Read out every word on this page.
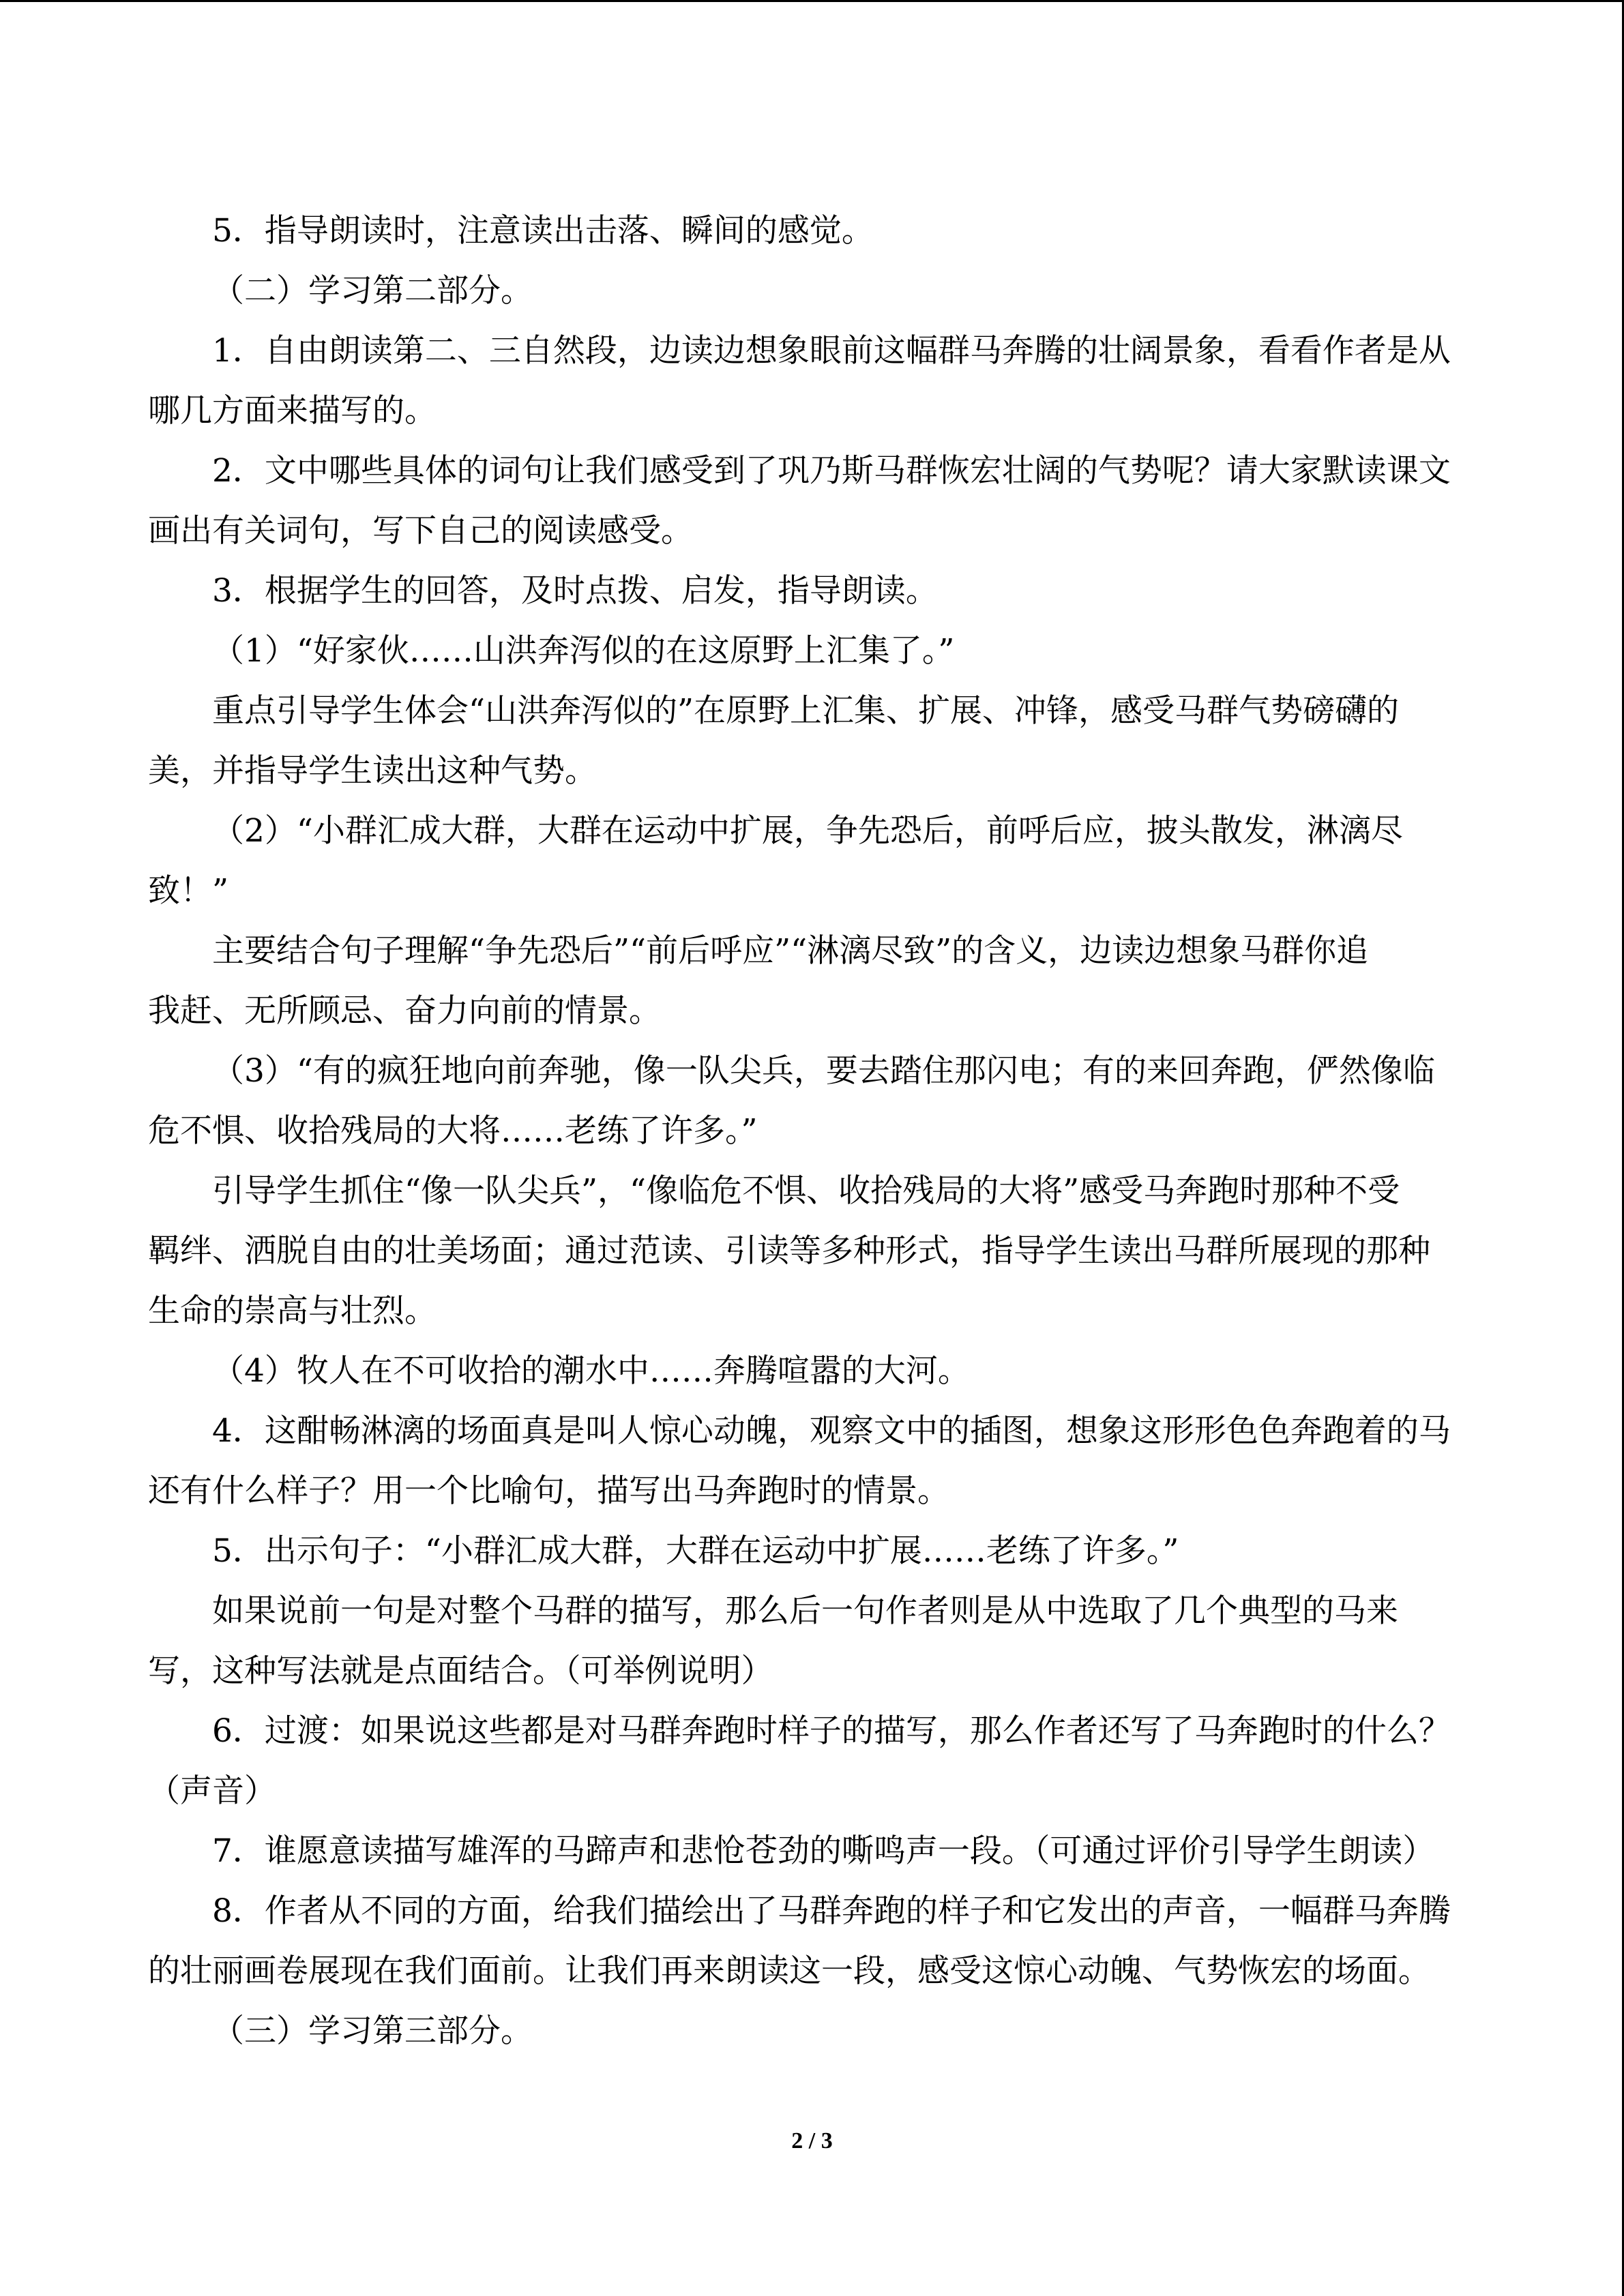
5．指导朗读时，注意读出击落、瞬间的感觉。
（二）学习第二部分。
1．自由朗读第二、三自然段，边读边想象眼前这幅群马奔腾的壮阔景象，看看作者是从
哪几方面来描写的。
2．文中哪些具体的词句让我们感受到了巩乃斯马群恢宏壮阔的气势呢？请大家默读课文
画出有关词句，写下自己的阅读感受。
3．根据学生的回答，及时点拨、启发，指导朗读。
（1）“好家伙……山洪奔泻似的在这原野上汇集了。”
重点引导学生体会“山洪奔泻似的”在原野上汇集、扩展、冲锋，感受马群气势磅礴的
美，并指导学生读出这种气势。
（2）“小群汇成大群，大群在运动中扩展，争先恐后，前呼后应，披头散发，淋漓尽
致！”
主要结合句子理解“争先恐后”“前后呼应”“淋漓尽致”的含义，边读边想象马群你追
我赶、无所顾忌、奋力向前的情景。
（3）“有的疯狂地向前奔驰，像一队尖兵，要去踏住那闪电；有的来回奔跑，俨然像临
危不惧、收拾残局的大将……老练了许多。”
引导学生抓住“像一队尖兵”，“像临危不惧、收拾残局的大将”感受马奔跑时那种不受
羁绊、洒脱自由的壮美场面；通过范读、引读等多种形式，指导学生读出马群所展现的那种
生命的崇高与壮烈。
（4）牧人在不可收拾的潮水中……奔腾喧嚣的大河。
4．这酣畅淋漓的场面真是叫人惊心动魄，观察文中的插图，想象这形形色色奔跑着的马
还有什么样子？用一个比喻句，描写出马奔跑时的情景。
5．出示句子：“小群汇成大群，大群在运动中扩展……老练了许多。”
如果说前一句是对整个马群的描写，那么后一句作者则是从中选取了几个典型的马来
写，这种写法就是点面结合。（可举例说明）
6．过渡：如果说这些都是对马群奔跑时样子的描写，那么作者还写了马奔跑时的什么？
（声音）
7．谁愿意读描写雄浑的马蹄声和悲怆苍劲的嘶鸣声一段。（可通过评价引导学生朗读）
8．作者从不同的方面，给我们描绘出了马群奔跑的样子和它发出的声音，一幅群马奔腾
的壮丽画卷展现在我们面前。让我们再来朗读这一段，感受这惊心动魄、气势恢宏的场面。
（三）学习第三部分。
2 / 3
